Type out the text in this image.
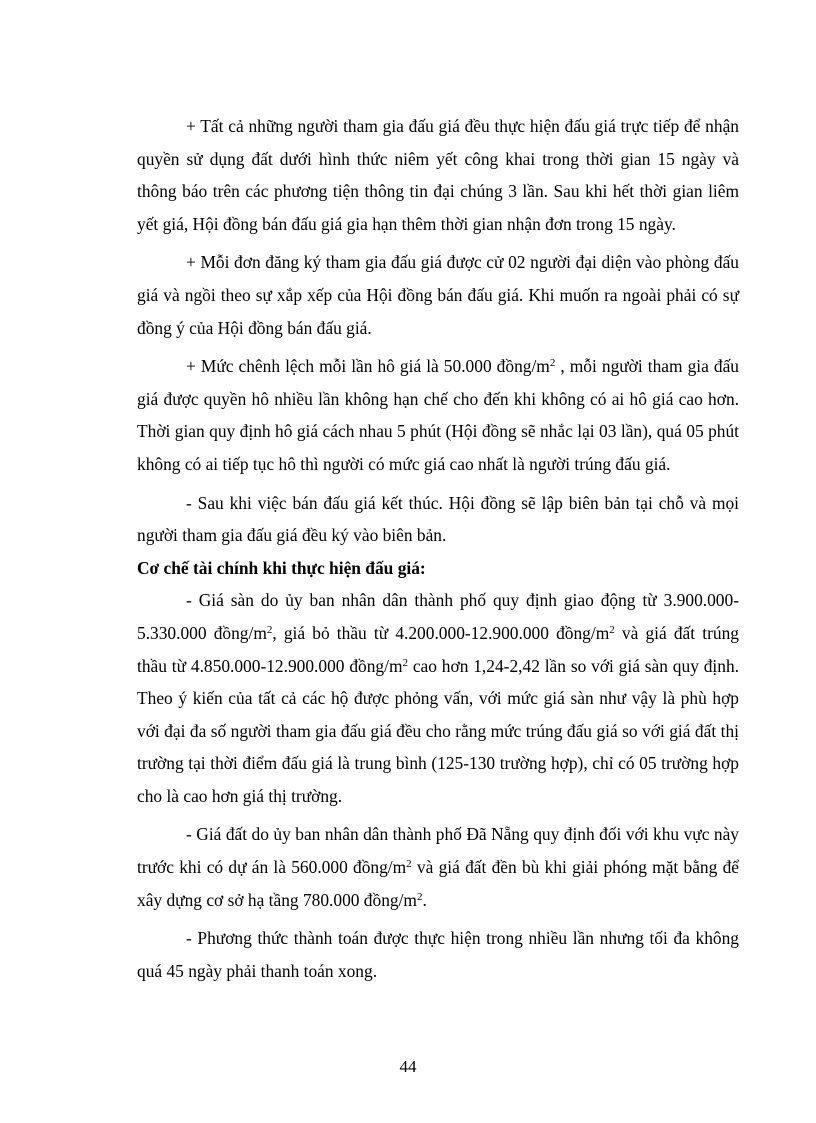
+ Tất cả những người tham gia đấu giá đều thực hiện đấu giá trực tiếp để nhận quyền sử dụng đất dưới hình thức niêm yết công khai trong thời gian 15 ngày và thông báo trên các phương tiện thông tin đại chúng 3 lần. Sau khi hết thời gian liêm yết giá, Hội đồng bán đấu giá gia hạn thêm thời gian nhận đơn trong 15 ngày.

+ Mỗi đơn đăng ký tham gia đấu giá được cử 02 người đại diện vào phòng đấu giá và ngồi theo sự xắp xếp của Hội đồng bán đấu giá. Khi muốn ra ngoài phải có sự đồng ý của Hội đồng bán đấu giá.

+ Mức chênh lệch mỗi lần hô giá là 50.000 đồng/$m^2$ , mỗi người tham gia đấu giá được quyền hô nhiều lần không hạn chế cho đến khi không có ai hô giá cao hơn. Thời gian quy định hô giá cách nhau 5 phút (Hội đồng sẽ nhắc lại 03 lần), quá 05 phút không có ai tiếp tục hô thì người có mức giá cao nhất là người trúng đấu giá.

- Sau khi việc bán đấu giá kết thúc. Hội đồng sẽ lập biên bản tại chỗ và mọi người tham gia đấu giá đều ký vào biên bản.

Cơ chế tài chính khi thực hiện đấu giá:

- Giá sàn do ủy ban nhân dân thành phố quy định giao động từ 3.900.000-5.330.000 đồng/$m^2$, giá bỏ thầu từ 4.200.000-12.900.000 đồng/$m^2$ và giá đất trúng thầu từ 4.850.000-12.900.000 đồng/$m^2$ cao hơn 1,24-2,42 lần so với giá sàn quy định. Theo ý kiến của tất cả các hộ được phỏng vấn, với mức giá sàn như vậy là phù hợp với đại đa số người tham gia đấu giá đều cho rằng mức trúng đấu giá so với giá đất thị trường tại thời điểm đấu giá là trung bình (125-130 trường hợp), chỉ có 05 trường hợp cho là cao hơn giá thị trường.

- Giá đất do ủy ban nhân dân thành phố Đã Nẵng quy định đối với khu vực này trước khi có dự án là 560.000 đồng/$m^2$ và giá đất đền bù khi giải phóng mặt bằng để xây dựng cơ sở hạ tầng 780.000 đồng/$m^2$.

- Phương thức thành toán được thực hiện trong nhiều lần nhưng tối đa không quá 45 ngày phải thanh toán xong.

44
